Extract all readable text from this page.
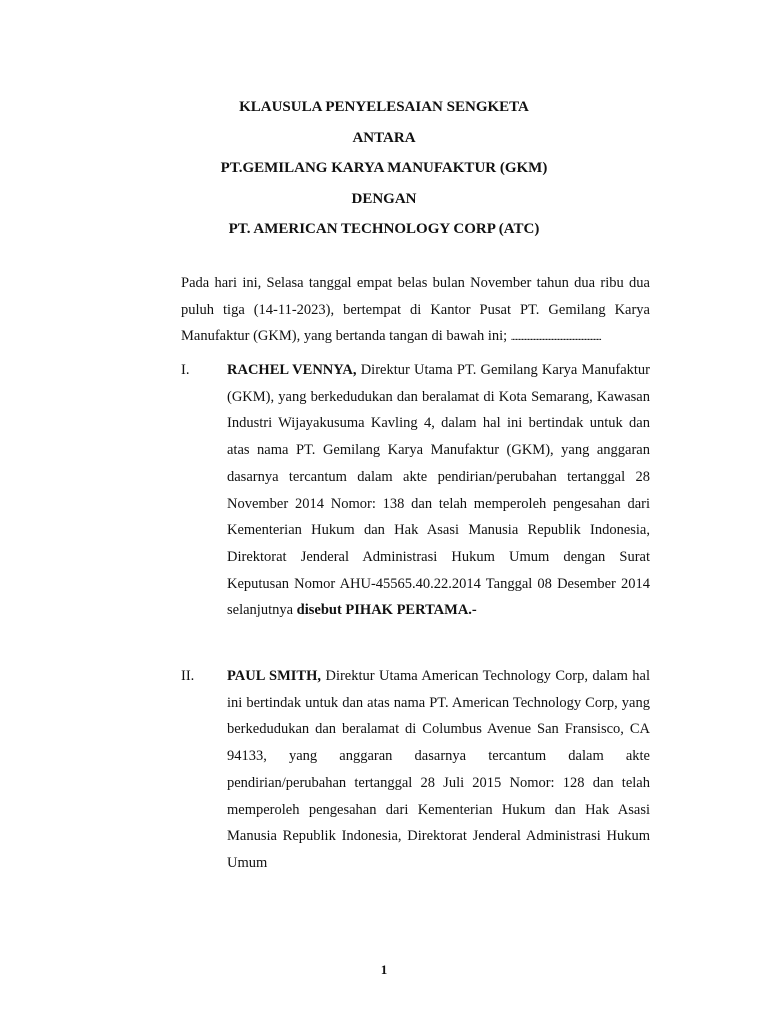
KLAUSULA PENYELESAIAN SENGKETA
ANTARA
PT.GEMILANG KARYA MANUFAKTUR (GKM)
DENGAN
PT. AMERICAN TECHNOLOGY CORP (ATC)
Pada hari ini, Selasa tanggal empat belas bulan November tahun dua ribu dua puluh tiga (14-11-2023), bertempat di Kantor Pusat PT. Gemilang Karya Manufaktur (GKM), yang bertanda tangan di bawah ini; ............................................................
I.	RACHEL VENNYA, Direktur Utama PT. Gemilang Karya Manufaktur (GKM), yang berkedudukan dan beralamat di Kota Semarang, Kawasan Industri Wijayakusuma Kavling 4, dalam hal ini bertindak untuk dan atas nama PT. Gemilang Karya Manufaktur (GKM), yang anggaran dasarnya tercantum dalam akte pendirian/perubahan tertanggal 28 November 2014 Nomor: 138 dan telah memperoleh pengesahan dari Kementerian Hukum dan Hak Asasi Manusia Republik Indonesia, Direktorat Jenderal Administrasi Hukum Umum dengan Surat Keputusan Nomor AHU-45565.40.22.2014 Tanggal 08 Desember 2014 selanjutnya disebut PIHAK PERTAMA.-
II. PAUL SMITH, Direktur Utama American Technology Corp, dalam hal ini bertindak untuk dan atas nama PT. American Technology Corp, yang berkedudukan dan beralamat di Columbus Avenue San Fransisco, CA 94133, yang anggaran dasarnya tercantum dalam akte pendirian/perubahan tertanggal 28 Juli 2015 Nomor: 128 dan telah memperoleh pengesahan dari Kementerian Hukum dan Hak Asasi Manusia Republik Indonesia, Direktorat Jenderal Administrasi Hukum Umum
1
